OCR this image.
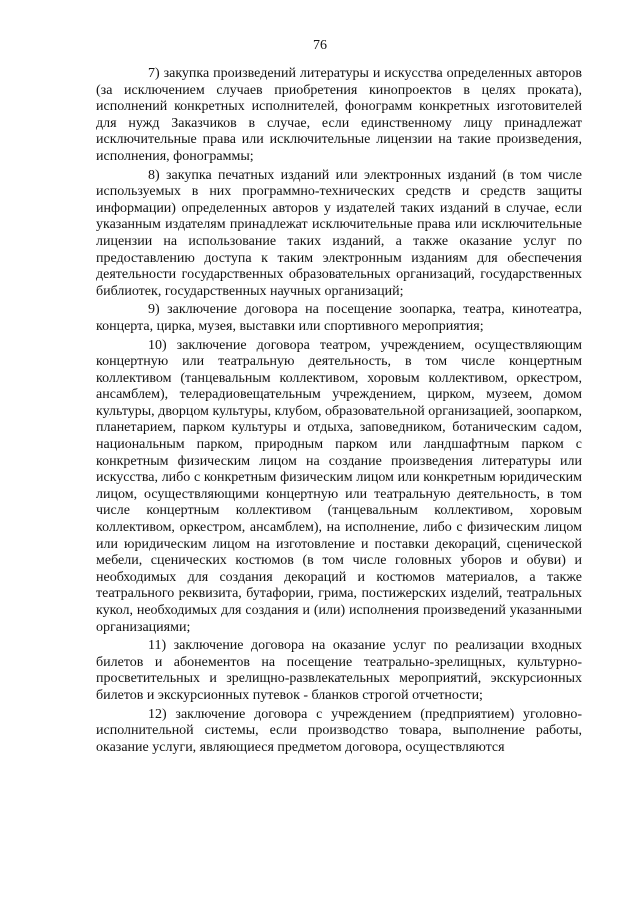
76

7) закупка произведений литературы и искусства определенных авторов (за исключением случаев приобретения кинопроектов в целях проката), исполнений конкретных исполнителей, фонограмм конкретных изготовителей для нужд Заказчиков в случае, если единственному лицу принадлежат исключительные права или исключительные лицензии на такие произведения, исполнения, фонограммы;

8) закупка печатных изданий или электронных изданий (в том числе используемых в них программно-технических средств и средств защиты информации) определенных авторов у издателей таких изданий в случае, если указанным издателям принадлежат исключительные права или исключительные лицензии на использование таких изданий, а также оказание услуг по предоставлению доступа к таким электронным изданиям для обеспечения деятельности государственных образовательных организаций, государственных библиотек, государственных научных организаций;

9) заключение договора на посещение зоопарка, театра, кинотеатра, концерта, цирка, музея, выставки или спортивного мероприятия;

10) заключение договора театром, учреждением, осуществляющим концертную или театральную деятельность, в том числе концертным коллективом (танцевальным коллективом, хоровым коллективом, оркестром, ансамблем), телерадиовещательным учреждением, цирком, музеем, домом культуры, дворцом культуры, клубом, образовательной организацией, зоопарком, планетарием, парком культуры и отдыха, заповедником, ботаническим садом, национальным парком, природным парком или ландшафтным парком с конкретным физическим лицом на создание произведения литературы или искусства, либо с конкретным физическим лицом или конкретным юридическим лицом, осуществляющими концертную или театральную деятельность, в том числе концертным коллективом (танцевальным коллективом, хоровым коллективом, оркестром, ансамблем), на исполнение, либо с физическим лицом или юридическим лицом на изготовление и поставки декораций, сценической мебели, сценических костюмов (в том числе головных уборов и обуви) и необходимых для создания декораций и костюмов материалов, а также театрального реквизита, бутафории, грима, постижерских изделий, театральных кукол, необходимых для создания и (или) исполнения произведений указанными организациями;

11) заключение договора на оказание услуг по реализации входных билетов и абонементов на посещение театрально-зрелищных, культурно-просветительных и зрелищно-развлекательных мероприятий, экскурсионных билетов и экскурсионных путевок - бланков строгой отчетности;

12) заключение договора с учреждением (предприятием) уголовно-исполнительной системы, если производство товара, выполнение работы, оказание услуги, являющиеся предметом договора, осуществляются
